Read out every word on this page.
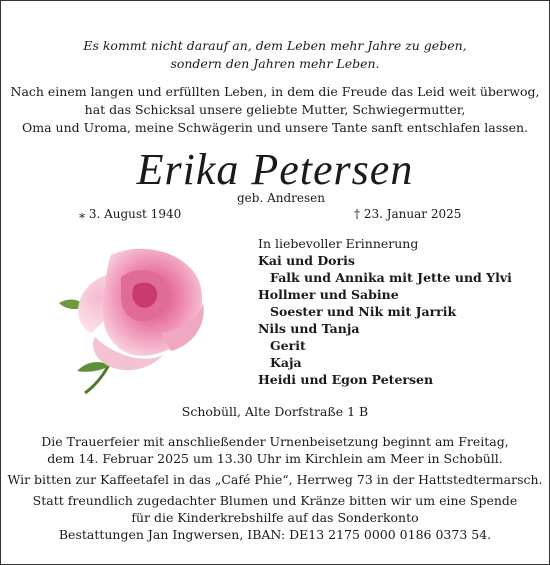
Es kommt nicht darauf an, dem Leben mehr Jahre zu geben,
sondern den Jahren mehr Leben.
Nach einem langen und erfüllten Leben, in dem die Freude das Leid weit überwog,
hat das Schicksal unsere geliebte Mutter, Schwiegermutter,
Oma und Uroma, meine Schwägerin und unsere Tante sanft entschlafen lassen.
Erika Petersen
geb. Andresen
⁎ 3. August 1940	† 23. Januar 2025
In liebevoller Erinnerung
Kai und Doris
Falk und Annika mit Jette und Ylvi
Hollmer und Sabine
Soester und Nik mit Jarrik
Nils und Tanja
Gerit
Kaja
Heidi und Egon Petersen
Schobüll, Alte Dorfstraße 1 B

Die Trauerfeier mit anschließender Urnenbeisetzung beginnt am Freitag,
dem 14. Februar 2025 um 13.30 Uhr im Kirchlein am Meer in Schobüll.

Wir bitten zur Kaffeetafel in das „Café Phie“, Herrweg 73 in der Hattstedtermarsch.

Statt freundlich zugedachter Blumen und Kränze bitten wir um eine Spende
für die Kinderkrebshilfe auf das Sonderkonto
Bestattungen Jan Ingwersen, IBAN: DE13 2175 0000 0186 0373 54.
